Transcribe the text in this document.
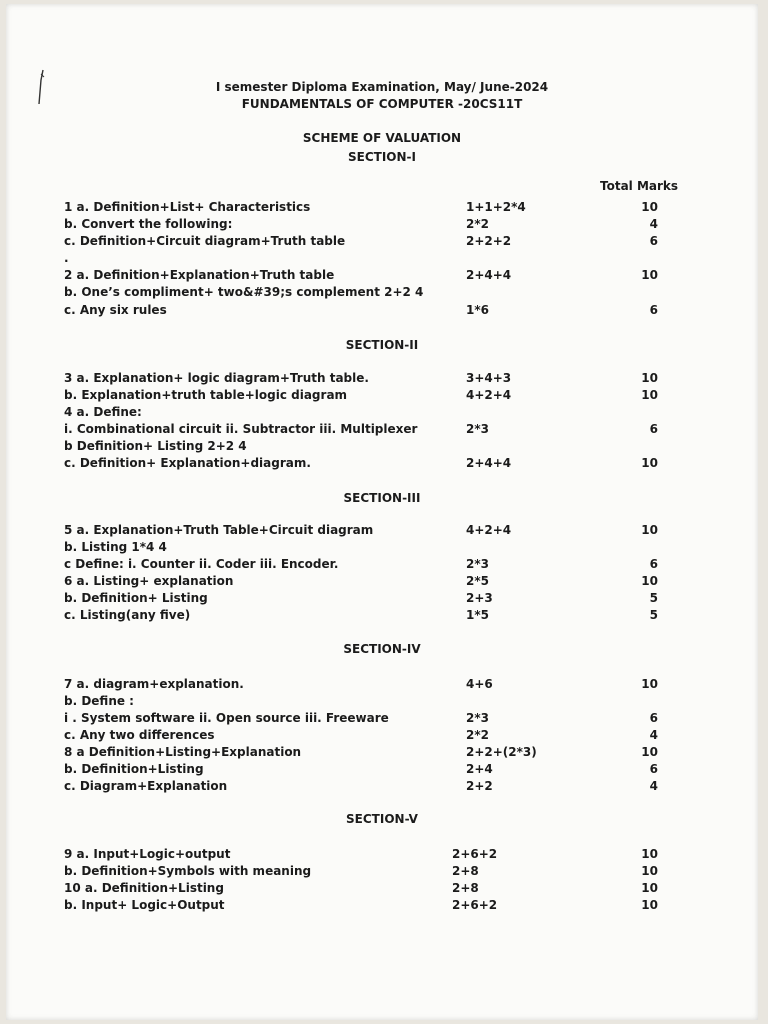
I semester Diploma Examination, May/ June-2024
FUNDAMENTALS OF COMPUTER -20CS11T
SCHEME OF VALUATION
Total Marks
SECTION-I
1 a. Definition+List+ Characteristics	1+1+2*4	10
b. Convert the following:	2*2	4
c. Definition+Circuit diagram+Truth table	2+2+2	6
.
2 a. Definition+Explanation+Truth table	2+4+4	10
b. One’s compliment+ two&#39;s complement 2+2 4
c. Any six rules	1*6	6
SECTION-II
3 a. Explanation+ logic diagram+Truth table.	3+4+3	10
b. Explanation+truth table+logic diagram	4+2+4	10
4 a. Define:
i. Combinational circuit ii. Subtractor iii. Multiplexer	2*3	6
b Definition+ Listing 2+2 4
c. Definition+ Explanation+diagram.	2+4+4	10
SECTION-III
5 a. Explanation+Truth Table+Circuit diagram	4+2+4	10
b. Listing 1*4 4
c Define: i. Counter ii. Coder iii. Encoder.	2*3	6
6 a. Listing+ explanation	2*5	10
b. Definition+ Listing	2+3	5
c. Listing(any five)	1*5	5
SECTION-IV
7 a. diagram+explanation.	4+6	10
b. Define :
i . System software ii. Open source iii. Freeware	2*3	6
c. Any two differences	2*2	4
8 a Definition+Listing+Explanation	2+2+(2*3)	10
b. Definition+Listing	2+4	6
c. Diagram+Explanation	2+2	4
SECTION-V
9 a. Input+Logic+output	2+6+2	10
b. Definition+Symbols with meaning	2+8	10
10 a. Definition+Listing	2+8	10
b. Input+ Logic+Output	2+6+2	10
